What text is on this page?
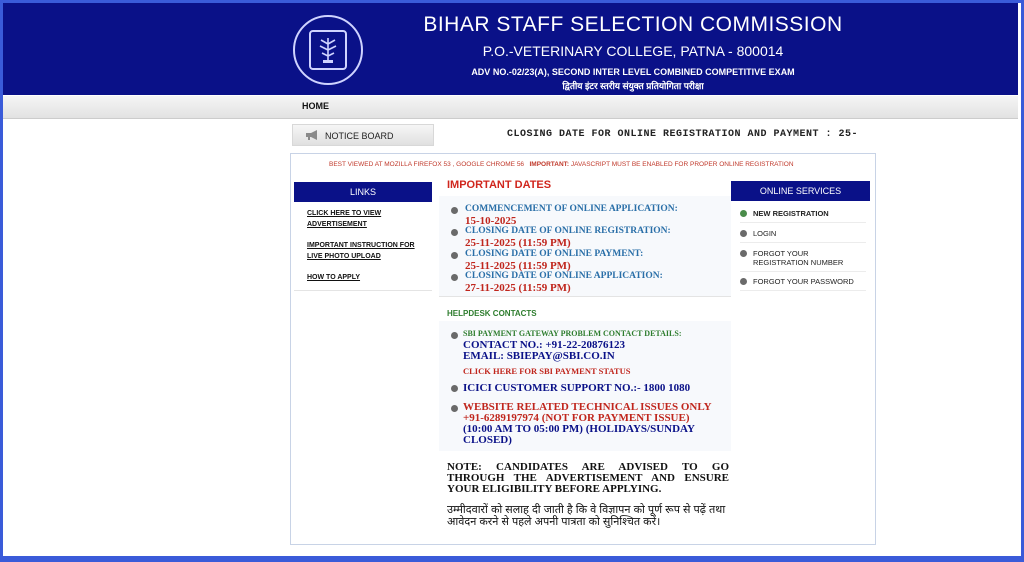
BIHAR STAFF SELECTION COMMISSION
P.O.-VETERINARY COLLEGE, PATNA - 800014
ADV NO.-02/23(A), SECOND INTER LEVEL COMBINED COMPETITIVE EXAM
द्वितीय इंटर स्तरीय संयुक्त प्रतियोगिता परीक्षा
HOME
NOTICE BOARD	CLOSING DATE FOR ONLINE REGISTRATION AND PAYMENT : 25-
BEST VIEWED AT MOZILLA FIREFOX 53 , GOOGLE CHROME 56 IMPORTANT: JAVASCRIPT MUST BE ENABLED FOR PROPER ONLINE REGISTRATION
LINKS
CLICK HERE TO VIEW ADVERTISEMENT
IMPORTANT INSTRUCTION FOR LIVE PHOTO UPLOAD
HOW TO APPLY
IMPORTANT DATES
COMMENCEMENT OF ONLINE APPLICATION:
15-10-2025
CLOSING DATE OF ONLINE REGISTRATION:
25-11-2025 (11:59 PM)
CLOSING DATE OF ONLINE PAYMENT:
25-11-2025 (11:59 PM)
CLOSING DATE OF ONLINE APPLICATION:
27-11-2025 (11:59 PM)
HELPDESK CONTACTS
SBI PAYMENT GATEWAY PROBLEM CONTACT DETAILS:
CONTACT NO.: +91-22-20876123
EMAIL: SBIEPAY@SBI.CO.IN
CLICK HERE FOR SBI PAYMENT STATUS
ICICI CUSTOMER SUPPORT NO.:- 1800 1080
WEBSITE RELATED TECHNICAL ISSUES ONLY
+91-6289197974 (NOT FOR PAYMENT ISSUE)
(10:00 AM TO 05:00 PM) (HOLIDAYS/SUNDAY CLOSED)
NOTE: CANDIDATES ARE ADVISED TO GO THROUGH THE ADVERTISEMENT AND ENSURE YOUR ELIGIBILITY BEFORE APPLYING.
उम्मीदवारों को सलाह दी जाती है कि वे विज्ञापन को पूर्ण रूप से पढ़ें तथा आवेदन करने से पहले अपनी पात्रता को सुनिश्चित करें।
ONLINE SERVICES
NEW REGISTRATION
LOGIN
FORGOT YOUR REGISTRATION NUMBER
FORGOT YOUR PASSWORD
